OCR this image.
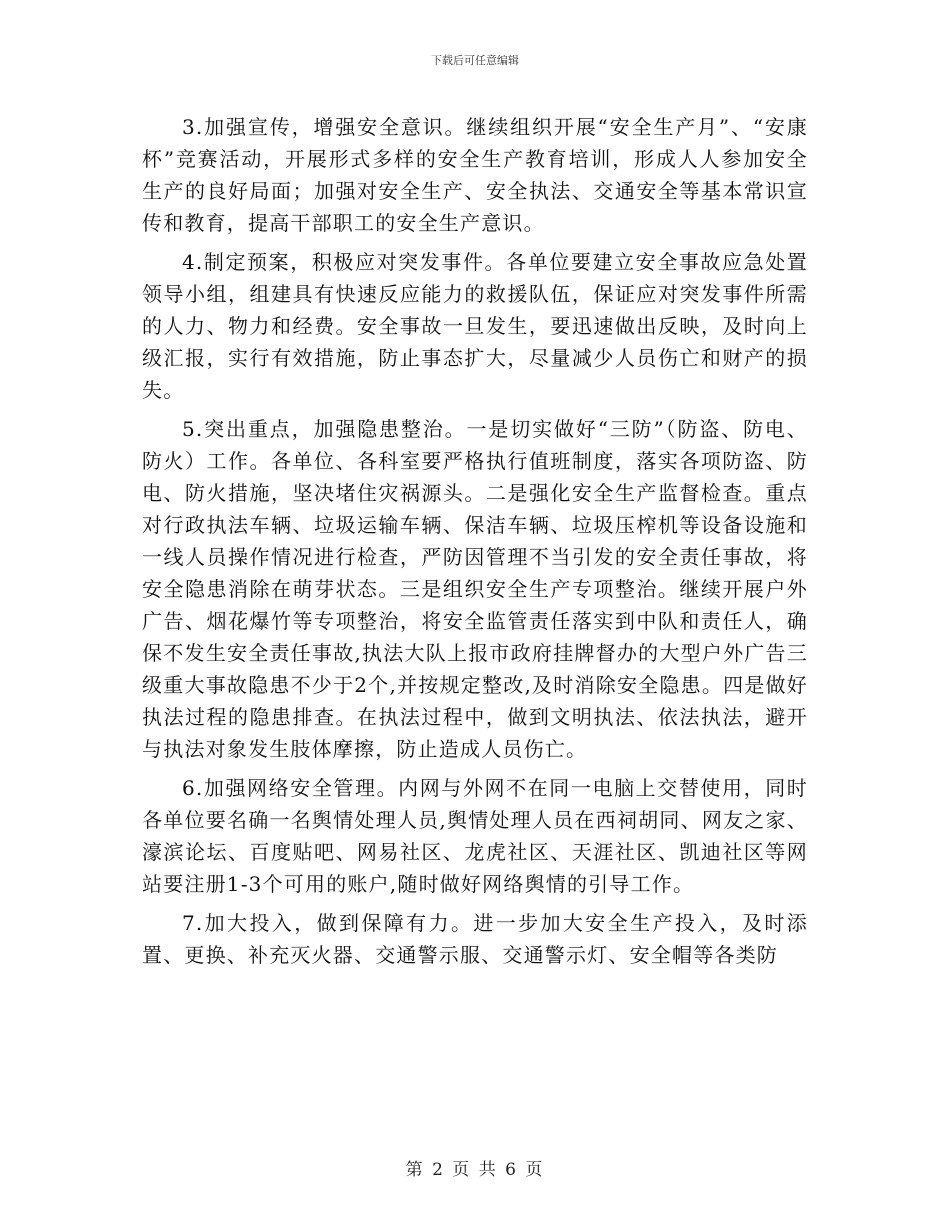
下载后可任意编辑

3.加强宣传，增强安全意识。继续组织开展“安全生产月”、“安康杯”竞赛活动，开展形式多样的安全生产教育培训，形成人人参加安全生产的良好局面；加强对安全生产、安全执法、交通安全等基本常识宣传和教育，提高干部职工的安全生产意识。

4.制定预案，积极应对突发事件。各单位要建立安全事故应急处置领导小组，组建具有快速反应能力的救援队伍，保证应对突发事件所需的人力、物力和经费。安全事故一旦发生，要迅速做出反映，及时向上级汇报，实行有效措施，防止事态扩大，尽量减少人员伤亡和财产的损失。

5.突出重点，加强隐患整治。一是切实做好“三防”（防盗、防电、防火）工作。各单位、各科室要严格执行值班制度，落实各项防盗、防电、防火措施，坚决堵住灾祸源头。二是强化安全生产监督检查。重点对行政执法车辆、垃圾运输车辆、保洁车辆、垃圾压榨机等设备设施和一线人员操作情况进行检查，严防因管理不当引发的安全责任事故，将安全隐患消除在萌芽状态。三是组织安全生产专项整治。继续开展户外广告、烟花爆竹等专项整治，将安全监管责任落实到中队和责任人，确保不发生安全责任事故,执法大队上报市政府挂牌督办的大型户外广告三级重大事故隐患不少于2个,并按规定整改,及时消除安全隐患。四是做好执法过程的隐患排查。在执法过程中，做到文明执法、依法执法，避开与执法对象发生肢体摩擦，防止造成人员伤亡。

6.加强网络安全管理。内网与外网不在同一电脑上交替使用，同时各单位要名确一名舆情处理人员,舆情处理人员在西祠胡同、网友之家、濠滨论坛、百度贴吧、网易社区、龙虎社区、天涯社区、凯迪社区等网站要注册1-3个可用的账户,随时做好网络舆情的引导工作。

7.加大投入，做到保障有力。进一步加大安全生产投入，及时添置、更换、补充灭火器、交通警示服、交通警示灯、安全帽等各类防

第 2 页 共 6 页
